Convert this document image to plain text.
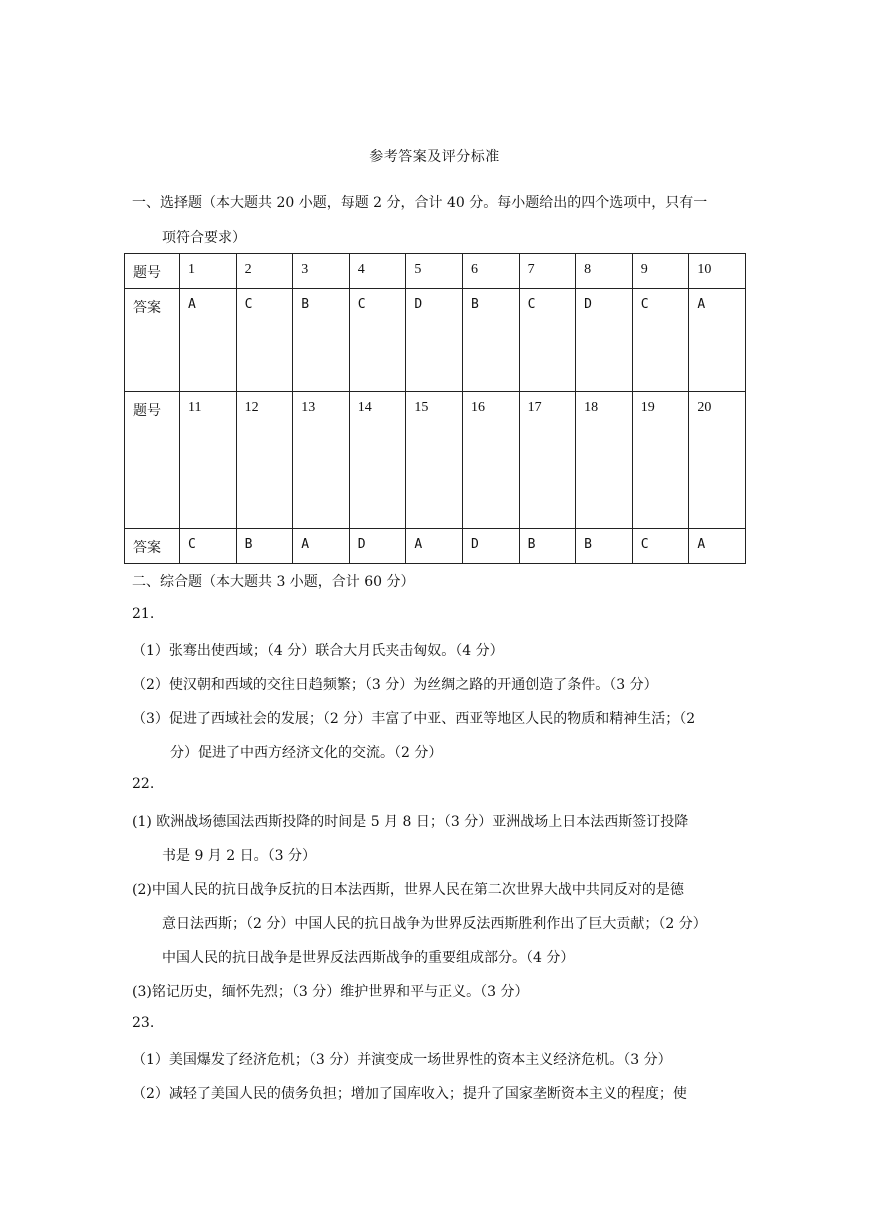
参考答案及评分标准
一、选择题（本大题共 20 小题，每题 2 分，合计 40 分。每小题给出的四个选项中，只有一
项符合要求）
题号	1	2	3	4	5	6	7	8	9	10
答案	A	C	B	C	D	B	C	D	C	A
题号	11	12	13	14	15	16	17	18	19	20
答案	C	B	A	D	A	D	B	B	C	A
二、综合题（本大题共 3 小题，合计 60 分）
21.
（1）张骞出使西域；（4 分）联合大月氏夹击匈奴。（4 分）
（2）使汉朝和西域的交往日趋频繁；（3 分）为丝绸之路的开通创造了条件。（3 分）
（3）促进了西域社会的发展；（2 分）丰富了中亚、西亚等地区人民的物质和精神生活；（2
分）促进了中西方经济文化的交流。（2 分）
22.
(1) 欧洲战场德国法西斯投降的时间是 5 月 8 日；（3 分）亚洲战场上日本法西斯签订投降
书是 9 月 2 日。（3 分）
(2)中国人民的抗日战争反抗的日本法西斯，世界人民在第二次世界大战中共同反对的是德
意日法西斯；（2 分）中国人民的抗日战争为世界反法西斯胜利作出了巨大贡献；（2 分）
中国人民的抗日战争是世界反法西斯战争的重要组成部分。（4 分）
(3)铭记历史，缅怀先烈；（3 分）维护世界和平与正义。（3 分）
23.
（1）美国爆发了经济危机；（3 分）并演变成一场世界性的资本主义经济危机。（3 分）
（2）减轻了美国人民的债务负担；增加了国库收入；提升了国家垄断资本主义的程度；使
